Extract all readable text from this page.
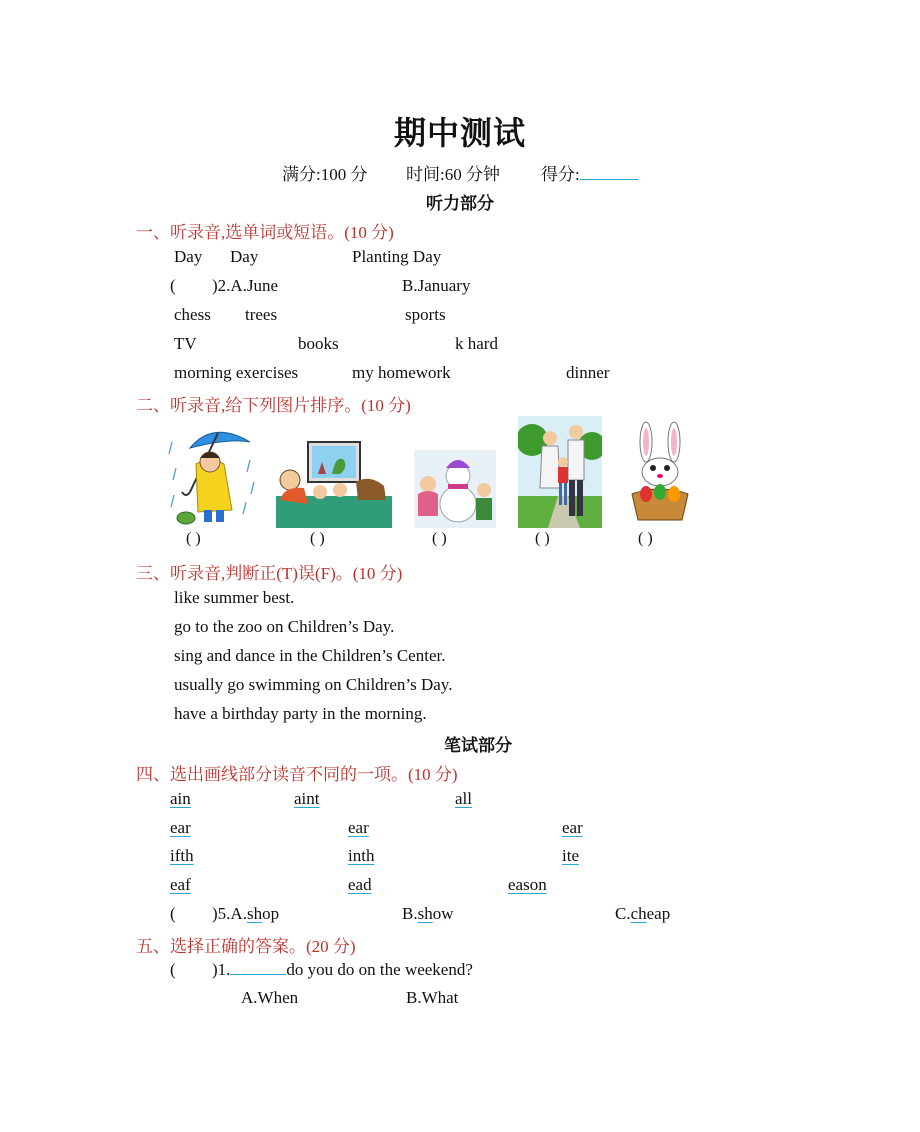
期中测试
满分:100 分 时间:60 分钟 得分:
听力部分
一、听录音,选单词或短语。(10 分)
Day Day	Planting Day
( )2.A.June	B.January
chess trees	sports
TV	books	k hard
morning exercises	my homework	dinner
二、听录音,给下列图片排序。(10 分)
( )	( )	( )	( )	( )
三、听录音,判断正(T)误(F)。(10 分)
like summer best.
go to the zoo on Children’s Day.
sing and dance in the Children’s Center.
usually go swimming on Children’s Day.
have a birthday party in the morning.
笔试部分
四、选出画线部分读音不同的一项。(10 分)
ain	aint	all
ear	ear	ear
ifth	inth	ite
eaf	ead	eason
( )5.A.shop	B.show	C.cheap
五、选择正确的答案。(20 分)
( )1.	do you do on the weekend?
A.When	B.What
